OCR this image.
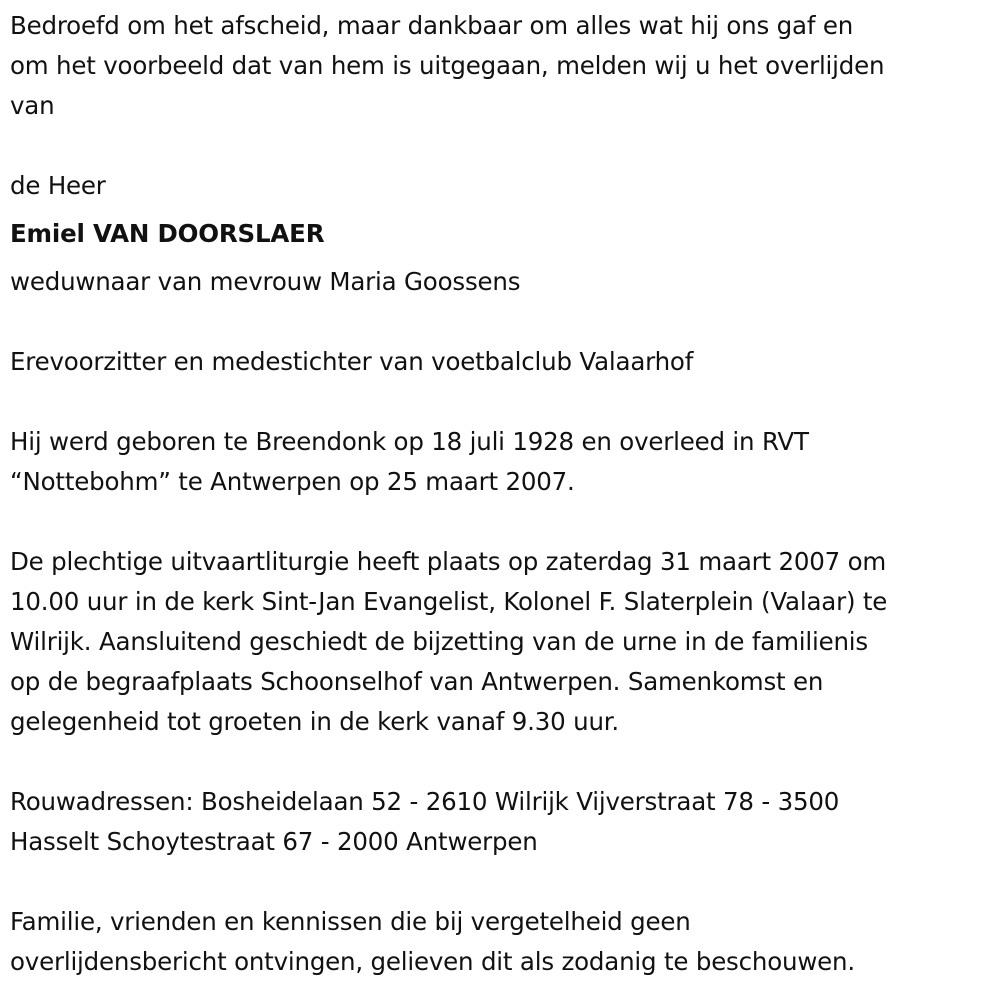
Bedroefd om het afscheid, maar dankbaar om alles wat hij ons gaf en

om het voorbeeld dat van hem is uitgegaan, melden wij u het overlijden

van

de Heer

Emiel VAN DOORSLAER

weduwnaar van mevrouw Maria Goossens

Erevoorzitter en medestichter van voetbalclub Valaarhof

Hij werd geboren te Breendonk op 18 juli 1928 en overleed in RVT

“Nottebohm” te Antwerpen op 25 maart 2007.

De plechtige uitvaartliturgie heeft plaats op zaterdag 31 maart 2007 om

10.00 uur in de kerk Sint-Jan Evangelist, Kolonel F. Slaterplein (Valaar) te

Wilrijk. Aansluitend geschiedt de bijzetting van de urne in de familienis

op de begraafplaats Schoonselhof van Antwerpen. Samenkomst en

gelegenheid tot groeten in de kerk vanaf 9.30 uur.

Rouwadressen: Bosheidelaan 52 - 2610 Wilrijk Vijverstraat 78 - 3500

Hasselt Schoytestraat 67 - 2000 Antwerpen

Familie, vrienden en kennissen die bij vergetelheid geen

overlijdensbericht ontvingen, gelieven dit als zodanig te beschouwen.
